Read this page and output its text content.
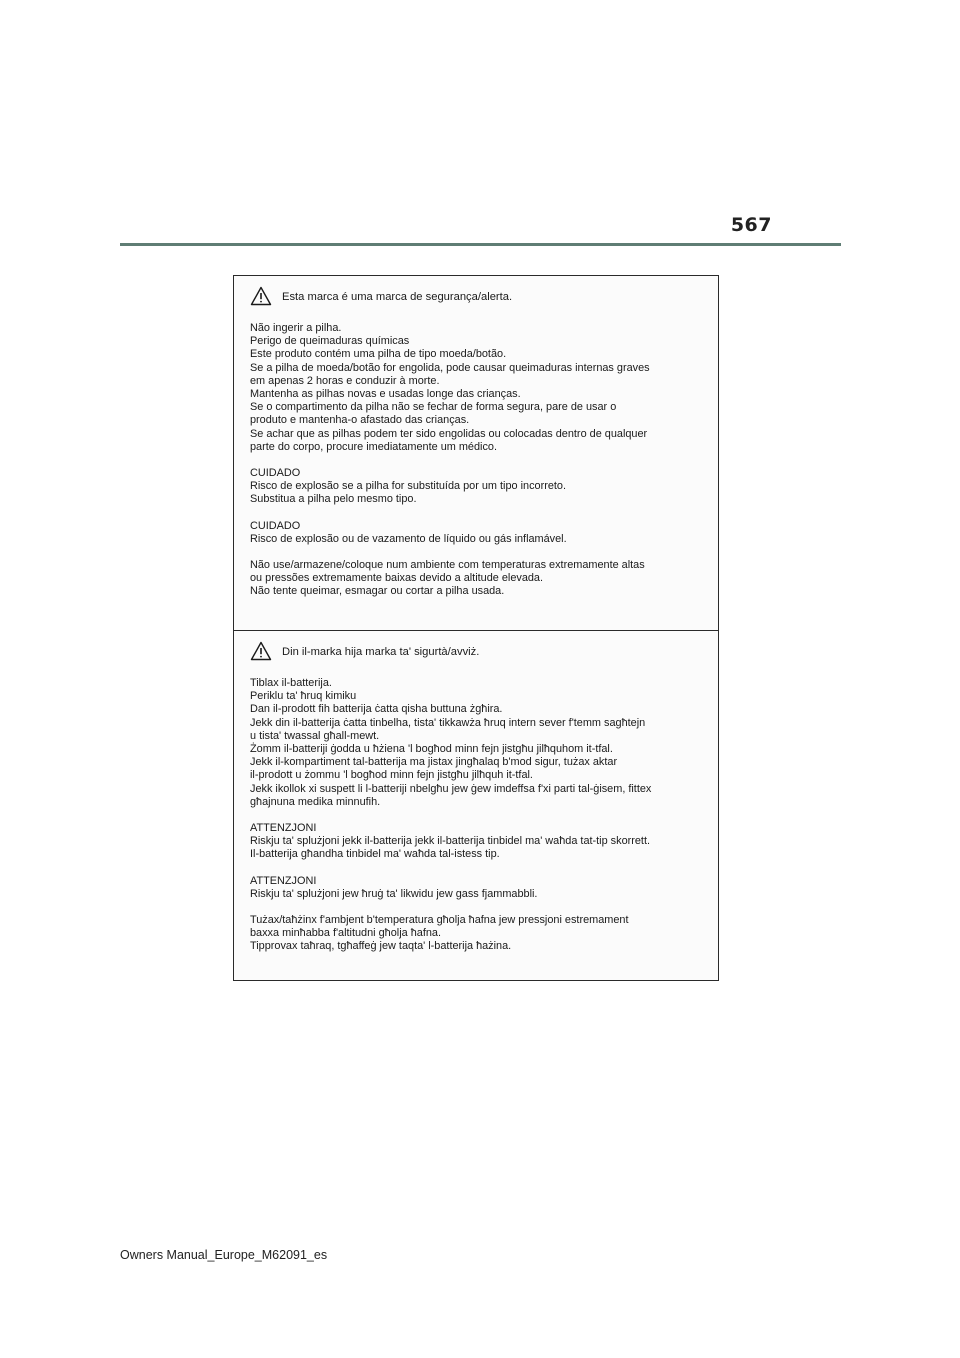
567
Esta marca é uma marca de segurança/alerta.
Não ingerir a pilha.
Perigo de queimaduras químicas
Este produto contém uma pilha de tipo moeda/botão.
Se a pilha de moeda/botão for engolida, pode causar queimaduras internas graves
em apenas 2 horas e conduzir à morte.
Mantenha as pilhas novas e usadas longe das crianças.
Se o compartimento da pilha não se fechar de forma segura, pare de usar o
produto e mantenha-o afastado das crianças.
Se achar que as pilhas podem ter sido engolidas ou colocadas dentro de qualquer
parte do corpo, procure imediatamente um médico.
CUIDADO
Risco de explosão se a pilha for substituída por um tipo incorreto.
Substitua a pilha pelo mesmo tipo.
CUIDADO
Risco de explosão ou de vazamento de líquido ou gás inflamável.
Não use/armazene/coloque num ambiente com temperaturas extremamente altas
ou pressões extremamente baixas devido a altitude elevada.
Não tente queimar, esmagar ou cortar a pilha usada.
Din il-marka hija marka ta' sigurtà/avviż.
Tiblax il-batterija.
Periklu ta' ħruq kimiku
Dan il-prodott fih batterija ċatta qisha buttuna żgħira.
Jekk din il-batterija ċatta tinbelha, tista' tikkawża ħruq intern sever f'temm sagħtejn
u tista' twassal għall-mewt.
Żomm il-batteriji ġodda u ħżiena 'l bogħod minn fejn jistgħu jilħquhom it-tfal.
Jekk il-kompartiment tal-batterija ma jistax jingħalaq b'mod sigur, tużax aktar
il-prodott u żommu 'l bogħod minn fejn jistgħu jilħquh it-tfal.
Jekk ikollok xi suspett li l-batteriji nbelgħu jew ġew imdeffsa f'xi parti tal-ġisem, fittex
għajnuna medika minnufih.
ATTENZJONI
Riskju ta' splużjoni jekk il-batterija jekk il-batterija tinbidel ma' waħda tat-tip skorrett.
Il-batterija għandha tinbidel ma' waħda tal-istess tip.
ATTENZJONI
Riskju ta' splużjoni jew ħruġ ta' likwidu jew gass fjammabbli.
Tużax/taħżinx f'ambjent b'temperatura għolja ħafna jew pressjoni estremament
baxxa minħabba f'altitudni għolja ħafna.
Tipprovax taħraq, tgħaffeġ jew taqta' l-batterija ħażina.
Owners Manual_Europe_M62091_es
